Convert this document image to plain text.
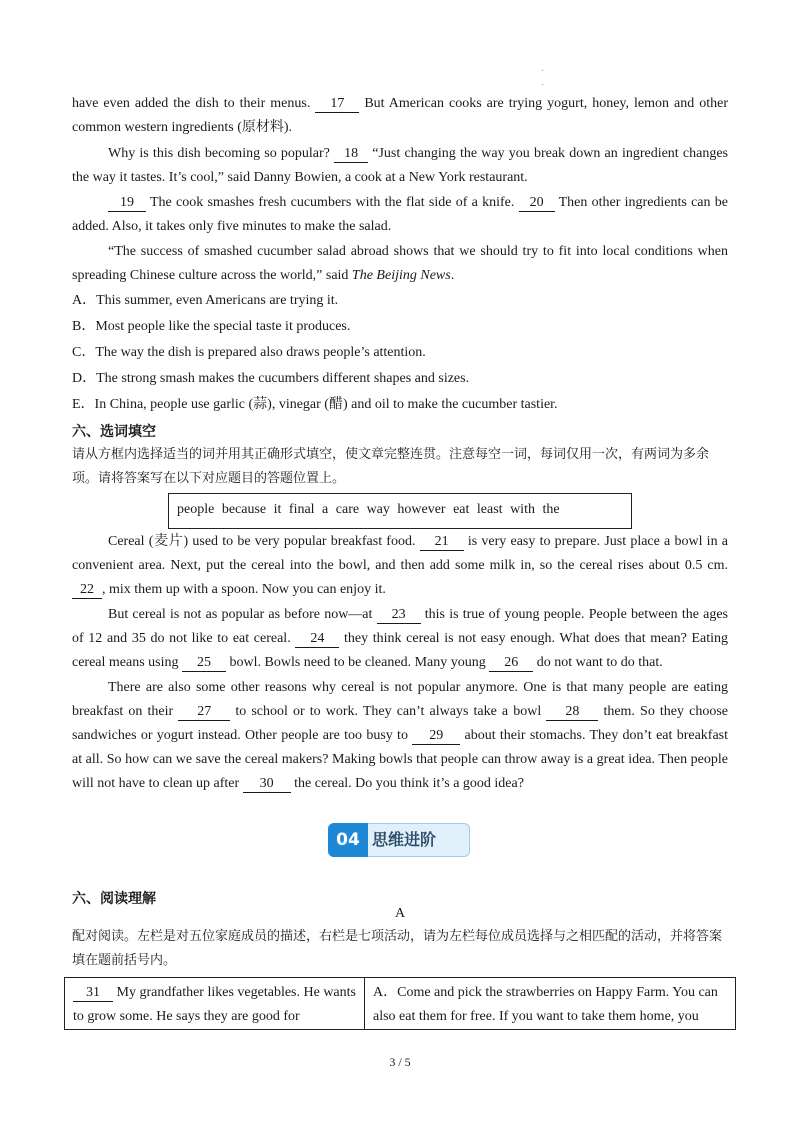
·
·

have even added the dish to their menus. 17 But American cooks are trying yogurt, honey, lemon and other common western ingredients (原材料).

Why is this dish becoming so popular? 18 “Just changing the way you break down an ingredient changes the way it tastes. It’s cool,” said Danny Bowien, a cook at a New York restaurant.

19 The cook smashes fresh cucumbers with the flat side of a knife. 20 Then other ingredients can be added. Also, it takes only five minutes to make the salad.

“The success of smashed cucumber salad abroad shows that we should try to fit into local conditions when spreading Chinese culture across the world,” said The Beijing News.

A．This summer, even Americans are trying it.

B．Most people like the special taste it produces.

C．The way the dish is prepared also draws people’s attention.

D．The strong smash makes the cucumbers different shapes and sizes.

E．In China, people use garlic (蒜), vinegar (醋) and oil to make the cucumber tastier.

六、选词填空

请从方框内选择适当的词并用其正确形式填空，使文章完整连贯。注意每空一词，每词仅用一次，有两词为多余项。请将答案写在以下对应题目的答题位置上。

people because it final a care way however eat least with the

Cereal (麦片) used to be very popular breakfast food. 21 is very easy to prepare. Just place a bowl in a convenient area. Next, put the cereal into the bowl, and then add some milk in, so the cereal rises about 0.5 cm. 22 , mix them up with a spoon. Now you can enjoy it.

But cereal is not as popular as before now—at 23 this is true of young people. People between the ages of 12 and 35 do not like to eat cereal. 24 they think cereal is not easy enough. What does that mean? Eating cereal means using 25 bowl. Bowls need to be cleaned. Many young 26 do not want to do that.

There are also some other reasons why cereal is not popular anymore. One is that many people are eating breakfast on their 27 to school or to work. They can’t always take a bowl 28 them. So they choose sandwiches or yogurt instead. Other people are too busy to 29 about their stomachs. They don’t eat breakfast at all. So how can we save the cereal makers? Making bowls that people can throw away is a great idea. Then people will not have to clean up after 30 the cereal. Do you think it’s a good idea?

04 思维进阶

六、阅读理解

A

配对阅读。左栏是对五位家庭成员的描述，右栏是七项活动，请为左栏每位成员选择与之相匹配的活动，并将答案填在题前括号内。

31 My grandfather likes vegetables. He wants to grow some. He says they are good for
A．Come and pick the strawberries on Happy Farm. You can also eat them for free. If you want to take them home, you
3 / 5
